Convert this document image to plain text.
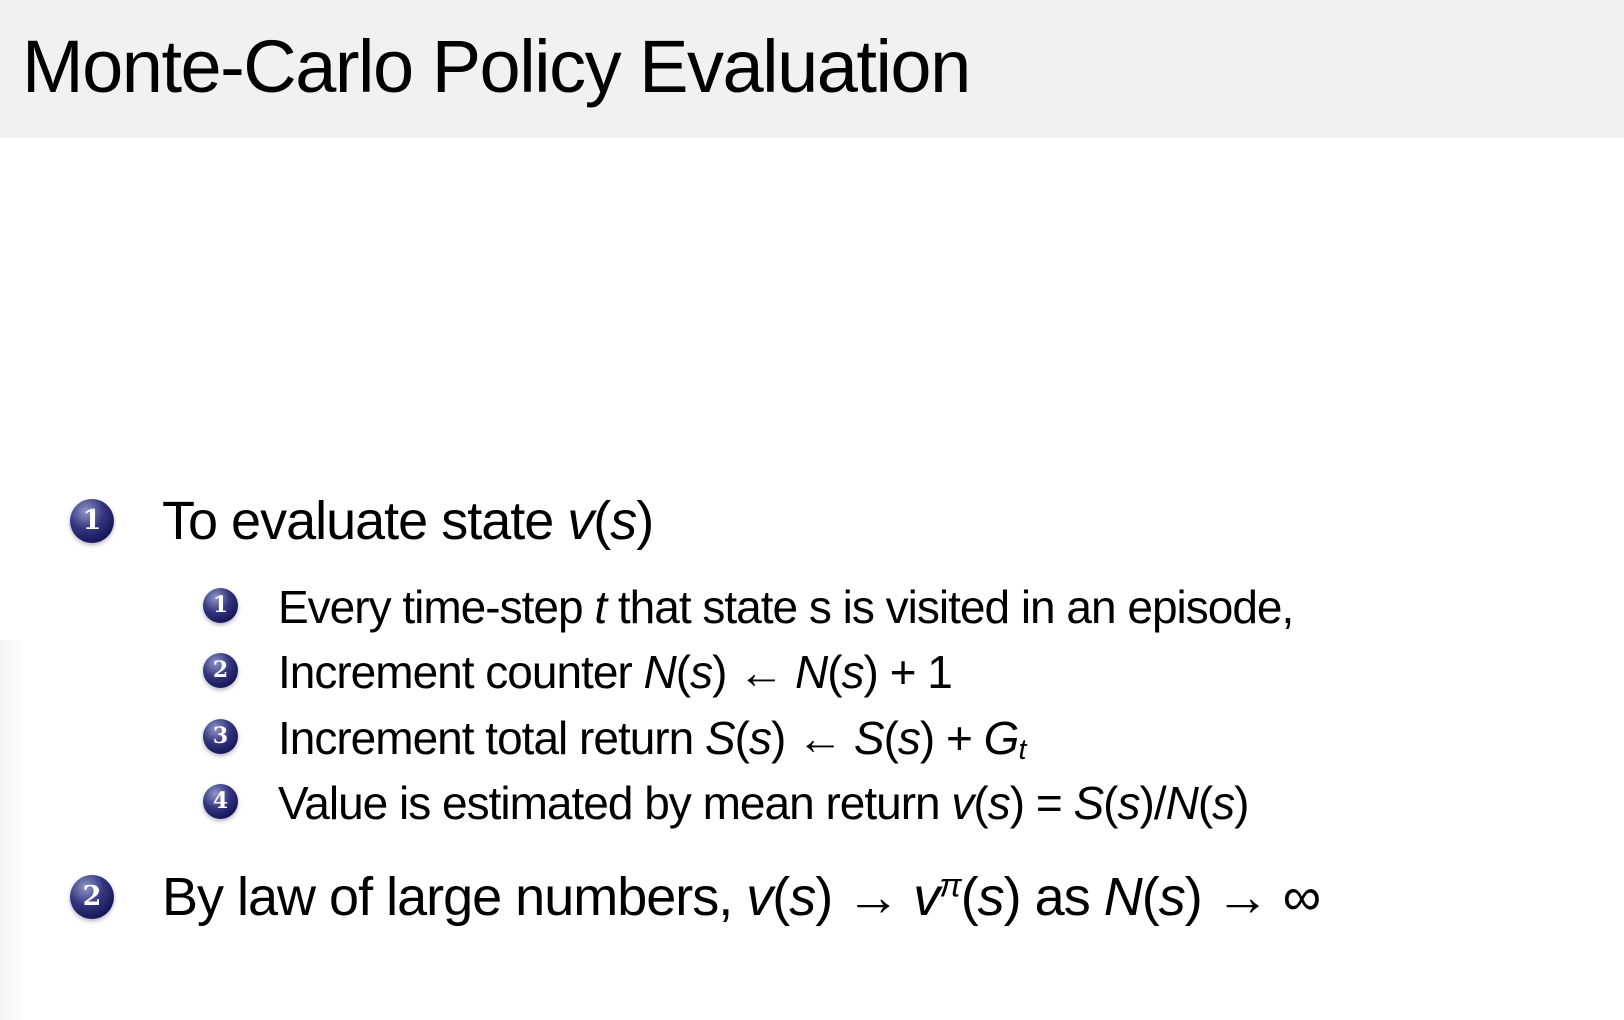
Monte-Carlo Policy Evaluation
1 To evaluate state v(s)
1 Every time-step t that state s is visited in an episode,
2 Increment counter N(s) ← N(s) + 1
3 Increment total return S(s) ← S(s) + Gt
4 Value is estimated by mean return v(s) = S(s)/N(s)
2 By law of large numbers, $v(s) \to v^\pi(s)$ as N(s) → ∞
